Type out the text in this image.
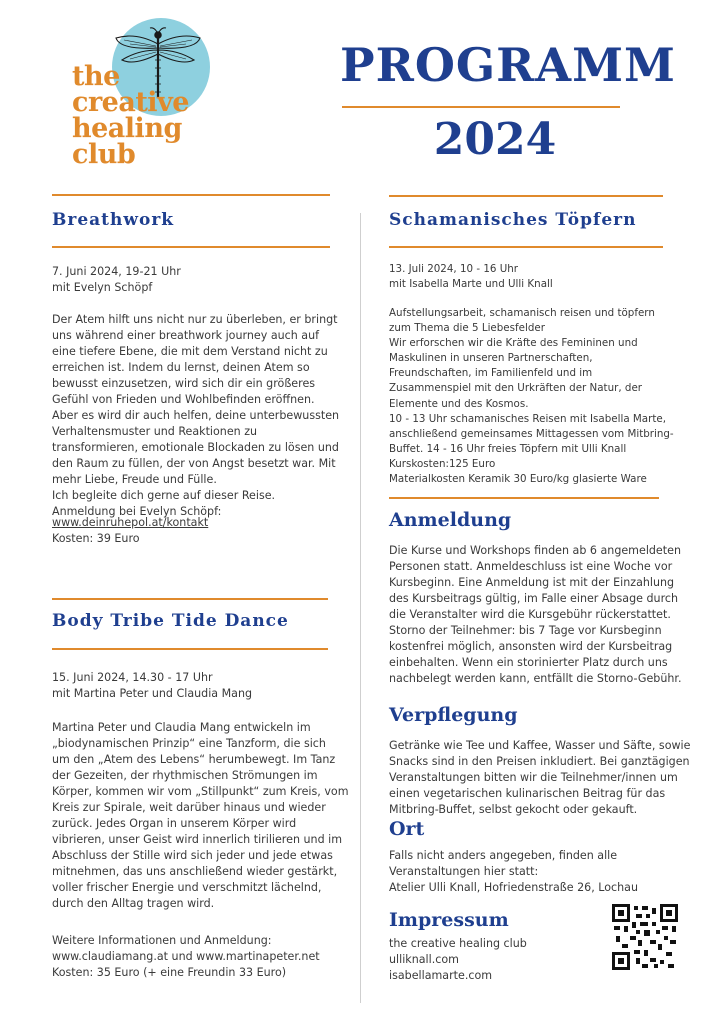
the
creative
healing
club
PROGRAMM
2024
Breathwork
7. Juni 2024, 19-21 Uhr
mit Evelyn Schöpf
Der Atem hilft uns nicht nur zu überleben, er bringt
uns während einer breathwork journey auch auf
eine tiefere Ebene, die mit dem Verstand nicht zu
erreichen ist. Indem du lernst, deinen Atem so
bewusst einzusetzen, wird sich dir ein größeres
Gefühl von Frieden und Wohlbefinden eröffnen.
Aber es wird dir auch helfen, deine unterbewussten
Verhaltensmuster und Reaktionen zu
transformieren, emotionale Blockaden zu lösen und
den Raum zu füllen, der von Angst besetzt war. Mit
mehr Liebe, Freude und Fülle.
Ich begleite dich gerne auf dieser Reise.
Anmeldung bei Evelyn Schöpf:
www.deinruhepol.at/kontakt
Kosten: 39 Euro
Body Tribe Tide Dance
15. Juni 2024, 14.30 - 17 Uhr
mit Martina Peter und Claudia Mang
Martina Peter und Claudia Mang entwickeln im
„biodynamischen Prinzip“ eine Tanzform, die sich
um den „Atem des Lebens“ herumbewegt. Im Tanz
der Gezeiten, der rhythmischen Strömungen im
Körper, kommen wir vom „Stillpunkt“ zum Kreis, vom
Kreis zur Spirale, weit darüber hinaus und wieder
zurück. Jedes Organ in unserem Körper wird
vibrieren, unser Geist wird innerlich tirilieren und im
Abschluss der Stille wird sich jeder und jede etwas
mitnehmen, das uns anschließend wieder gestärkt,
voller frischer Energie und verschmitzt lächelnd,
durch den Alltag tragen wird.
Weitere Informationen und Anmeldung:
www.claudiamang.at und www.martinapeter.net
Kosten: 35 Euro (+ eine Freundin 33 Euro)
Schamanisches Töpfern
13. Juli 2024, 10 - 16 Uhr
mit Isabella Marte und Ulli Knall
Aufstellungsarbeit, schamanisch reisen und töpfern
zum Thema die 5 Liebesfelder
Wir erforschen wir die Kräfte des Femininen und
Maskulinen in unseren Partnerschaften,
Freundschaften, im Familienfeld und im
Zusammenspiel mit den Urkräften der Natur, der
Elemente und des Kosmos.
10 - 13 Uhr schamanisches Reisen mit Isabella Marte,
anschließend gemeinsames Mittagessen vom Mitbring-
Buffet. 14 - 16 Uhr freies Töpfern mit Ulli Knall
Kurskosten:125 Euro
Materialkosten Keramik 30 Euro/kg glasierte Ware
Anmeldung
Die Kurse und Workshops finden ab 6 angemeldeten
Personen statt. Anmeldeschluss ist eine Woche vor
Kursbeginn. Eine Anmeldung ist mit der Einzahlung
des Kursbeitrags gültig, im Falle einer Absage durch
die Veranstalter wird die Kursgebühr rückerstattet.
Storno der Teilnehmer: bis 7 Tage vor Kursbeginn
kostenfrei möglich, ansonsten wird der Kursbeitrag
einbehalten. Wenn ein storinierter Platz durch uns
nachbelegt werden kann, entfällt die Storno-Gebühr.
Verpflegung
Getränke wie Tee und Kaffee, Wasser und Säfte, sowie
Snacks sind in den Preisen inkludiert. Bei ganztägigen
Veranstaltungen bitten wir die Teilnehmer/innen um
einen vegetarischen kulinarischen Beitrag für das
Mitbring-Buffet, selbst gekocht oder gekauft.
Ort
Falls nicht anders angegeben, finden alle
Veranstaltungen hier statt:
Atelier Ulli Knall, Hofriedenstraße 26, Lochau
Impressum
the creative healing club
ulliknall.com
isabellamarte.com
